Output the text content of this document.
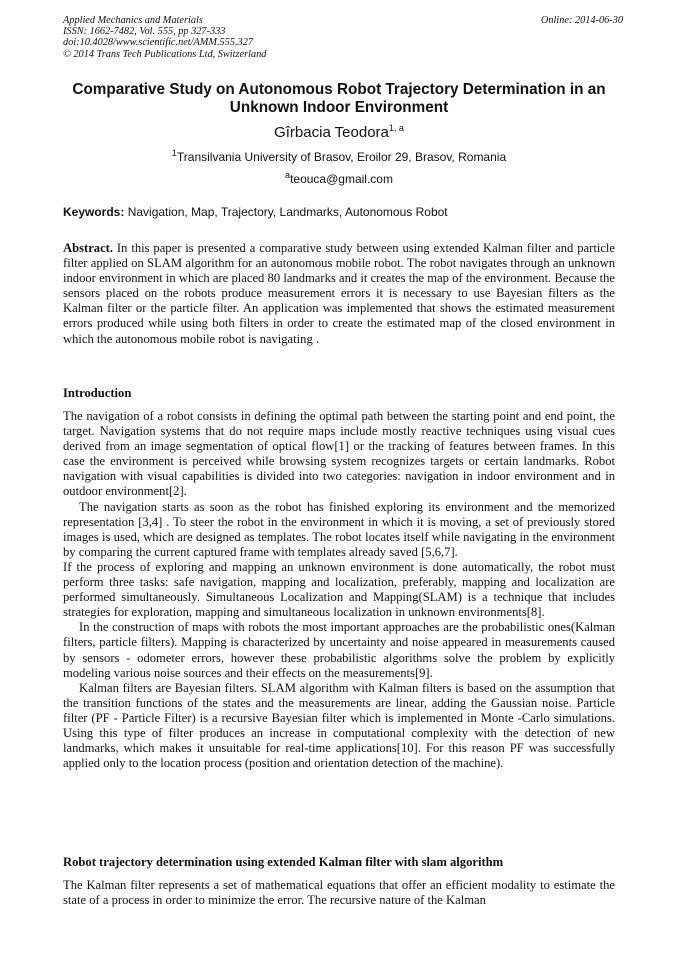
Applied Mechanics and Materials
ISSN: 1662-7482, Vol. 555, pp 327-333
doi:10.4028/www.scientific.net/AMM.555.327
© 2014 Trans Tech Publications Ltd, Switzerland
Online: 2014-06-30
Comparative Study on Autonomous Robot Trajectory Determination in an Unknown Indoor Environment
Gîrbacia Teodora$^{1, a}$
$^1$Transilvania University of Brasov, Eroilor 29, Brasov, Romania
$^a$teouca@gmail.com
Keywords: Navigation, Map, Trajectory, Landmarks, Autonomous Robot

Abstract. In this paper is presented a comparative study between using extended Kalman filter and particle filter applied on SLAM algorithm for an autonomous mobile robot. The robot navigates through an unknown indoor environment in which are placed 80 landmarks and it creates the map of the environment. Because the sensors placed on the robots produce measurement errors it is necessary to use Bayesian filters as the Kalman filter or the particle filter. An application was implemented that shows the estimated measurement errors produced while using both filters in order to create the estimated map of the closed environment in which the autonomous mobile robot is navigating .

Introduction

The navigation of a robot consists in defining the optimal path between the starting point and end point, the target. Navigation systems that do not require maps include mostly reactive techniques using visual cues derived from an image segmentation of optical flow[1] or the tracking of features between frames. In this case the environment is perceived while browsing system recognizes targets or certain landmarks. Robot navigation with visual capabilities is divided into two categories: navigation in indoor environment and in outdoor environment[2].

The navigation starts as soon as the robot has finished exploring its environment and the memorized representation [3,4] . To steer the robot in the environment in which it is moving, a set of previously stored images is used, which are designed as templates. The robot locates itself while navigating in the environment by comparing the current captured frame with templates already saved [5,6,7].

If the process of exploring and mapping an unknown environment is done automatically, the robot must perform three tasks: safe navigation, mapping and localization, preferably, mapping and localization are performed simultaneously. Simultaneous Localization and Mapping(SLAM) is a technique that includes strategies for exploration, mapping and simultaneous localization in unknown environments[8].

In the construction of maps with robots the most important approaches are the probabilistic ones(Kalman filters, particle filters). Mapping is characterized by uncertainty and noise appeared in measurements caused by sensors - odometer errors, however these probabilistic algorithms solve the problem by explicitly modeling various noise sources and their effects on the measurements[9].

Kalman filters are Bayesian filters. SLAM algorithm with Kalman filters is based on the assumption that the transition functions of the states and the measurements are linear, adding the Gaussian noise. Particle filter (PF - Particle Filter) is a recursive Bayesian filter which is implemented in Monte -Carlo simulations. Using this type of filter produces an increase in computational complexity with the detection of new landmarks, which makes it unsuitable for real-time applications[10]. For this reason PF was successfully applied only to the location process (position and orientation detection of the machine).

Robot trajectory determination using extended Kalman filter with slam algorithm

The Kalman filter represents a set of mathematical equations that offer an efficient modality to estimate the state of a process in order to minimize the error. The recursive nature of the Kalman
